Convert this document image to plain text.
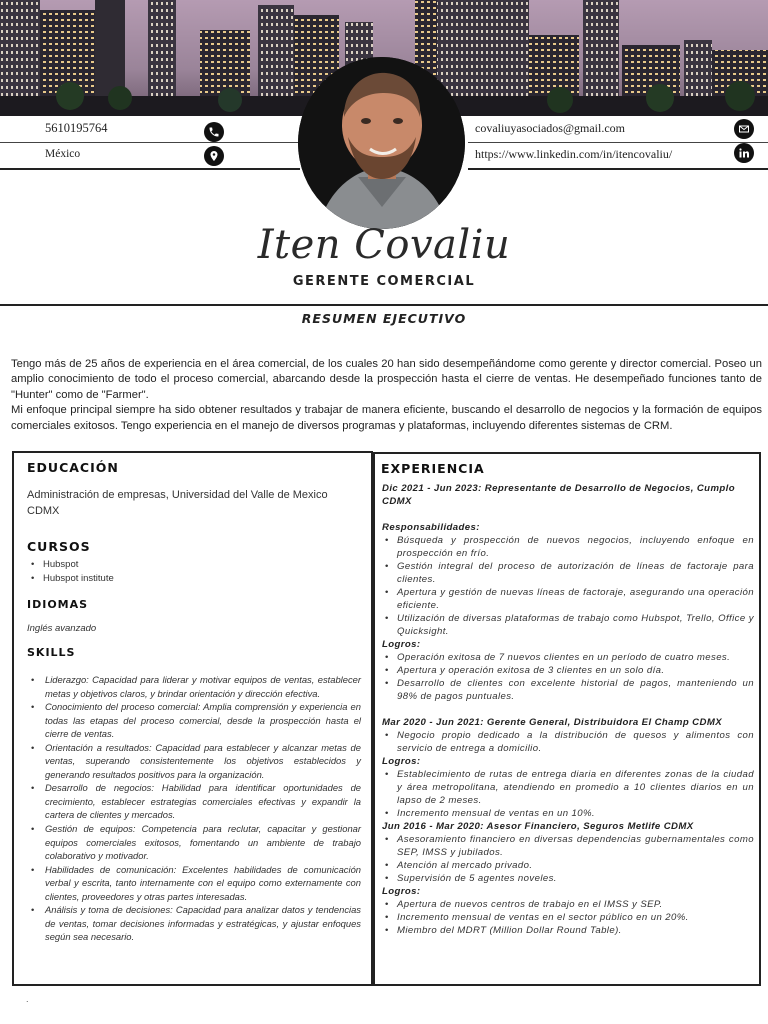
5610195764
México
covaliuyasociados@gmail.com
https://www.linkedin.com/in/itencovaliu/
Iten Covaliu
GERENTE COMERCIAL
RESUMEN EJECUTIVO

Tengo más de 25 años de experiencia en el área comercial, de los cuales 20 han sido desempeñándome como gerente y director comercial. Poseo un amplio conocimiento de todo el proceso comercial, abarcando desde la prospección hasta el cierre de ventas. He desempeñado funciones tanto de "Hunter" como de "Farmer".

Mi enfoque principal siempre ha sido obtener resultados y trabajar de manera eficiente, buscando el desarrollo de negocios y la formación de equipos comerciales exitosos. Tengo experiencia en el manejo de diversos programas y plataformas, incluyendo diferentes sistemas de CRM.

EDUCACIÓN
Administración de empresas, Universidad del Valle de Mexico CDMX
CURSOS
• Hubspot
• Hubspot institute
IDIOMAS
Inglés avanzado
SKILLS
• Liderazgo: Capacidad para liderar y motivar equipos de ventas, establecer metas y objetivos claros, y brindar orientación y dirección efectiva.
• Conocimiento del proceso comercial: Amplia comprensión y experiencia en todas las etapas del proceso comercial, desde la prospección hasta el cierre de ventas.
• Orientación a resultados: Capacidad para establecer y alcanzar metas de ventas, superando consistentemente los objetivos establecidos y generando resultados positivos para la organización.
• Desarrollo de negocios: Habilidad para identificar oportunidades de crecimiento, establecer estrategias comerciales efectivas y expandir la cartera de clientes y mercados.
• Gestión de equipos: Competencia para reclutar, capacitar y gestionar equipos comerciales exitosos, fomentando un ambiente de trabajo colaborativo y motivador.
• Habilidades de comunicación: Excelentes habilidades de comunicación verbal y escrita, tanto internamente con el equipo como externamente con clientes, proveedores y otras partes interesadas.
• Análisis y toma de decisiones: Capacidad para analizar datos y tendencias de ventas, tomar decisiones informadas y estratégicas, y ajustar enfoques según sea necesario.
EXPERIENCIA
Dic 2021 - Jun 2023: Representante de Desarrollo de Negocios, Cumplo CDMX
Responsabilidades:
• Búsqueda y prospección de nuevos negocios, incluyendo enfoque en prospección en frío.
• Gestión integral del proceso de autorización de líneas de factoraje para clientes.
• Apertura y gestión de nuevas líneas de factoraje, asegurando una operación eficiente.
• Utilización de diversas plataformas de trabajo como Hubspot, Trello, Office y Quicksight.
Logros:
• Operación exitosa de 7 nuevos clientes en un período de cuatro meses.
• Apertura y operación exitosa de 3 clientes en un solo día.
• Desarrollo de clientes con excelente historial de pagos, manteniendo un 98% de pagos puntuales.
Mar 2020 - Jun 2021: Gerente General, Distribuidora El Champ CDMX
• Negocio propio dedicado a la distribución de quesos y alimentos con servicio de entrega a domicilio.
Logros:
• Establecimiento de rutas de entrega diaria en diferentes zonas de la ciudad y área metropolitana, atendiendo en promedio a 10 clientes diarios en un lapso de 2 meses.
• Incremento mensual de ventas en un 10%.
Jun 2016 - Mar 2020: Asesor Financiero, Seguros Metlife CDMX
• Asesoramiento financiero en diversas dependencias gubernamentales como SEP, IMSS y jubilados.
• Atención al mercado privado.
• Supervisión de 5 agentes noveles.
Logros:
• Apertura de nuevos centros de trabajo en el IMSS y SEP.
• Incremento mensual de ventas en el sector público en un 20%.
• Miembro del MDRT (Million Dollar Round Table).
.
